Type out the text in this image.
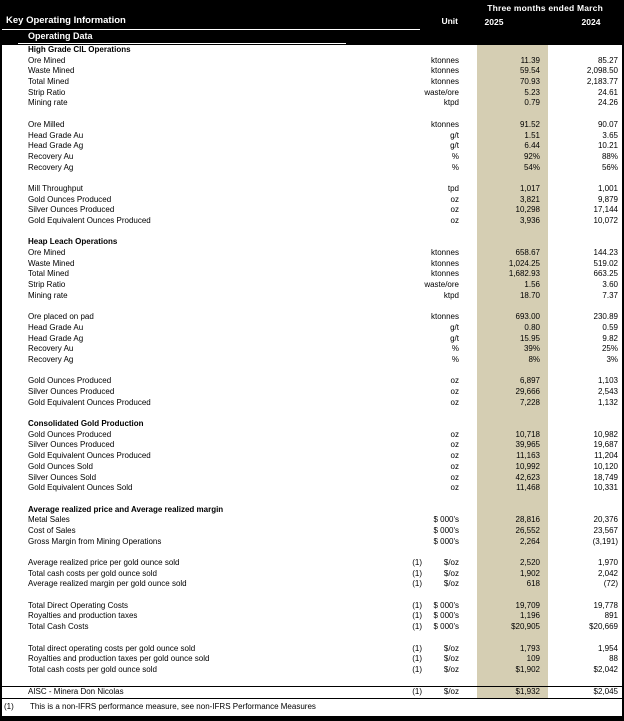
Three months ended March
Key Operating Information	Unit	2025	2024
Operating Data
High Grade CIL Operations
Ore Mined	ktonnes	11.39	85.27
Waste Mined	ktonnes	59.54	2,098.50
Total Mined	ktonnes	70.93	2,183.77
Strip Ratio	waste/ore	5.23	24.61
Mining rate	ktpd	0.79	24.26
Ore Milled	ktonnes	91.52	90.07
Head Grade Au	g/t	1.51	3.65
Head Grade Ag	g/t	6.44	10.21
Recovery Au	%	92%	88%
Recovery Ag	%	54%	56%
Mill Throughput	tpd	1,017	1,001
Gold Ounces Produced	oz	3,821	9,879
Silver Ounces Produced	oz	10,298	17,144
Gold Equivalent Ounces Produced	oz	3,936	10,072
Heap Leach Operations
Ore Mined	ktonnes	658.67	144.23
Waste Mined	ktonnes	1,024.25	519.02
Total Mined	ktonnes	1,682.93	663.25
Strip Ratio	waste/ore	1.56	3.60
Mining rate	ktpd	18.70	7.37
Ore placed on pad	ktonnes	693.00	230.89
Head Grade Au	g/t	0.80	0.59
Head Grade Ag	g/t	15.95	9.82
Recovery Au	%	39%	25%
Recovery Ag	%	8%	3%
Gold Ounces Produced	oz	6,897	1,103
Silver Ounces Produced	oz	29,666	2,543
Gold Equivalent Ounces Produced	oz	7,228	1,132
Consolidated Gold Production
Gold Ounces Produced	oz	10,718	10,982
Silver Ounces Produced	oz	39,965	19,687
Gold Equivalent Ounces Produced	oz	11,163	11,204
Gold Ounces Sold	oz	10,992	10,120
Silver Ounces Sold	oz	42,623	18,749
Gold Equivalent Ounces Sold	oz	11,468	10,331
Average realized price and Average realized margin
Metal Sales	$ 000's	28,816	20,376
Cost of Sales	$ 000's	26,552	23,567
Gross Margin from Mining Operations	$ 000's	2,264	(3,191)
Average realized price per gold ounce sold	(1)	$/oz	2,520	1,970
Total cash costs per gold ounce sold	(1)	$/oz	1,902	2,042
Average realized margin per gold ounce sold	(1)	$/oz	618	(72)
Total Direct Operating Costs	(1) $ 000's	19,709	19,778
Royalties and production taxes	(1) $ 000's	1,196	891
Total Cash Costs	(1) $ 000's	$20,905	$20,669
Total direct operating costs per gold ounce sold	(1)	$/oz	1,793	1,954
Royalties and production taxes per gold ounce sold	(1)	$/oz	109	88
Total cash costs per gold ounce sold	(1)	$/oz	$1,902	$2,042
AISC - Minera Don Nicolas	(1)	$/oz	$1,932	$2,045
(1) This is a non-IFRS performance measure, see non-IFRS Performance Measures
